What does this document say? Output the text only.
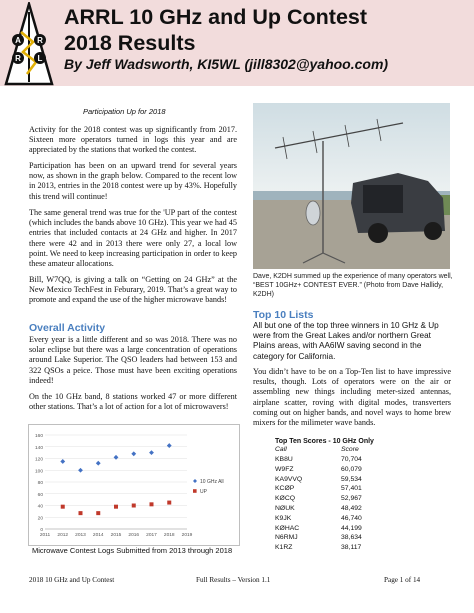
A
R
R
L
ARRL 10 GHz and Up Contest
2018 Results
By Jeff Wadsworth, KI5WL (jill8302@yahoo.com)
Participation Up for 2018
Activity for the 2018 contest was up significantly from 2017. Sixteen more operators turned in logs this year and are appreciated by the stations that worked the contest.
Participation has been on an upward trend for several years now, as shown in the graph below. Compared to the recent low in 2013, entries in the 2018 contest were up by 43%. Hopefully this trend will continue!
The same general trend was true for the 'UP part of the contest (which includes the bands above 10 GHz). This year we had 45 entries that included contacts at 24 GHz and higher. In 2017 there were 42 and in 2013 there were only 27, a local low point. We need to keep increasing participation in order to keep these amateur allocations.
Bill, W7QQ, is giving a talk on “Getting on 24 GHz” at the New Mexico TechFest in Feburary, 2019. That’s a great way to promote and expand the use of the higher microwave bands!
Overall Activity
Every year is a little different and so was 2018. There was no solar eclipse but there was a large concentration of operations around Lake Superior. The QSO leaders had between 153 and 322 QSOs a peice. Those must have been exciting operations indeed!
On the 10 GHz band, 8 stations worked 47 or more different other stations. That’s a lot of action for a lot of microwavers!
0
20
40
60
80
100
120
140
160
2011 2012 2013 2014 2015 2016 2017 2018 2019
10 GHz All
UP
Microwave Contest Logs Submitted from 2013 through 2018
Dave, K2DH summed up the experience of many operators well, “BEST 10GHz+ CONTEST EVER.” (Photo from Dave Hallidy, K2DH)
Top 10 Lists
All but one of the top three winners in 10 GHz & Up were from the Great Lakes and/or northern Great Plains areas, with AA6IW saving second in the category for California.
You didn’t have to be on a Top-Ten list to have impressive results, though. Lots of operators were on the air or assembling new things including meter-sized antennas, airplane scatter, roving with digital modes, transverters coming out on higher bands, and novel ways to home brew mixers for the milimeter wave bands.
Top Ten Scores - 10 GHz Only
Call	Score
KB8U	70,704
W9FZ	60,079
KA9VVQ	59,534
KCØP	57,401
KØCQ	52,967
NØUK	48,492
K9JK	46,740
KØHAC	44,199
N6RMJ	38,634
K1RZ	38,117
2018 10 GHz and Up Contest	Full Results – Version 1.1	Page 1 of 14
